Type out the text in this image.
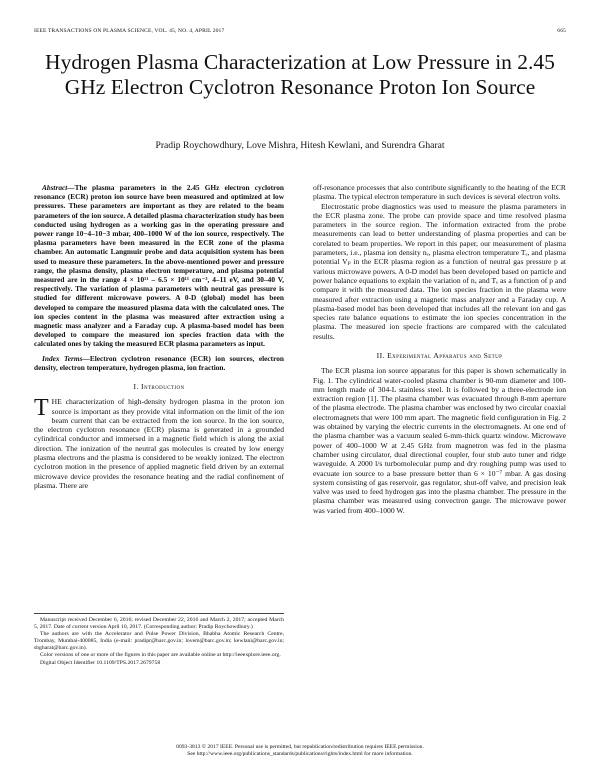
IEEE TRANSACTIONS ON PLASMA SCIENCE, VOL. 45, NO. 4, APRIL 2017	665
Hydrogen Plasma Characterization at Low Pressure in 2.45 GHz Electron Cyclotron Resonance Proton Ion Source
Pradip Roychowdhury, Love Mishra, Hitesh Kewlani, and Surendra Gharat

Abstract—The plasma parameters in the 2.45 GHz electron cyclotron resonance (ECR) proton ion source have been measured and optimized at low pressures. These parameters are important as they are related to the beam parameters of the ion source. A detailed plasma characterization study has been conducted using hydrogen as a working gas in the operating pressure and power range 10−4–10−3 mbar, 400–1000 W of the ion source, respectively. The plasma parameters have been measured in the ECR zone of the plasma chamber. An automatic Langmuir probe and data acquisition system has been used to measure these parameters. In the above-mentioned power and pressure range, the plasma density, plasma electron temperature, and plasma potential measured are in the range 4 × 10¹¹ – 6.5 × 10¹¹ cm⁻³, 4–11 eV, and 30–40 V, respectively. The variation of plasma parameters with neutral gas pressure is studied for different microwave powers. A 0-D (global) model has been developed to compare the measured plasma data with the calculated ones. The ion species content in the plasma was measured after extraction using a magnetic mass analyzer and a Faraday cup. A plasma-based model has been developed to compare the measured ion species fraction data with the calculated ones by taking the measured ECR plasma parameters as input.

Index Terms—Electron cyclotron resonance (ECR) ion sources, electron density, electron temperature, hydrogen plasma, ion fraction.

I. Introduction

THE characterization of high-density hydrogen plasma in the proton ion source is important as they provide vital information on the limit of the ion beam current that can be extracted from the ion source. In the ion source, the electron cyclotron resonance (ECR) plasma is generated in a grounded cylindrical conductor and immersed in a magnetic field which is along the axial direction. The ionization of the neutral gas molecules is created by low energy plasma electrons and the plasma is considered to be weakly ionized. The electron cyclotron motion in the presence of applied magnetic field driven by an external microwave device provides the resonance heating and the radial confinement of plasma. There are

Manuscript received December 6, 2016; revised December 22, 2016 and March 2, 2017; accepted March 5, 2017. Date of current version April 10, 2017. (Corresponding author: Pradip Roychowdhury.)

The authors are with the Accelerator and Pulse Power Division, Bhabha Atomic Research Centre, Trombay, Mumbai-400085, India (e-mail: pradipr@barc.gov.in; lovem@barc.gov.in; kewlani@barc.gov.in; sbgharat@barc.gov.in).

Color versions of one or more of the figures in this paper are available online at http://ieeexplore.ieee.org.

Digital Object Identifier 10.1109/TPS.2017.2679758

off-resonance processes that also contribute significantly to the heating of the ECR plasma. The typical electron temperature in such devices is several electron volts.

Electrostatic probe diagnostics was used to measure the plasma parameters in the ECR plasma zone. The probe can provide space and time resolved plasma parameters in the source region. The information extracted from the probe measurements can lead to better understanding of plasma properties and can be corelated to beam properties. We report in this paper, our measurement of plasma parameters, i.e., plasma ion density nₑ, plasma electron temperature Tₑ, and plasma potential Vₚ in the ECR plasma region as a function of neutral gas pressure p at various microwave powers. A 0-D model has been developed based on particle and power balance equations to explain the variation of nₑ and Tₑ as a function of p and compare it with the measured data. The ion species fraction in the plasma were measured after extraction using a magnetic mass analyzer and a Faraday cup. A plasma-based model has been developed that includes all the relevant ion and gas species rate balance equations to estimate the ion species concentration in the plasma. The measured ion specie fractions are compared with the calculated results.

II. Experimental Apparatus and Setup

The ECR plasma ion source apparatus for this paper is shown schematically in Fig. 1. The cylindrical water-cooled plasma chamber is 90-mm diameter and 100-mm length made of 304-L stainless steel. It is followed by a three-electrode ion extraction region [1]. The plasma chamber was evacuated through 8-mm aperture of the plasma electrode. The plasma chamber was enclosed by two circular coaxial electromagnets that were 100 mm apart. The magnetic field configuration in Fig. 2 was obtained by varying the electric currents in the electromagnets. At one end of the plasma chamber was a vacuum sealed 6-mm-thick quartz window. Microwave power of 400–1000 W at 2.45 GHz from magnetron was fed in the plasma chamber using circulator, dual directional coupler, four stub auto tuner and ridge waveguide. A 2000 l/s turbomolecular pump and dry roughing pump was used to evacuate ion source to a base pressure better than 6 × 10⁻⁷ mbar. A gas dosing system consisting of gas reservoir, gas regulator, shut-off valve, and precision leak valve was used to feed hydrogen gas into the plasma chamber. The pressure in the plasma chamber was measured using convectron gauge. The microwave power was varied from 400–1000 W.

0093-3813 © 2017 IEEE. Personal use is permitted, but republication/redistribution requires IEEE permission.
See http://www.ieee.org/publications_standards/publications/rights/index.html for more information.
